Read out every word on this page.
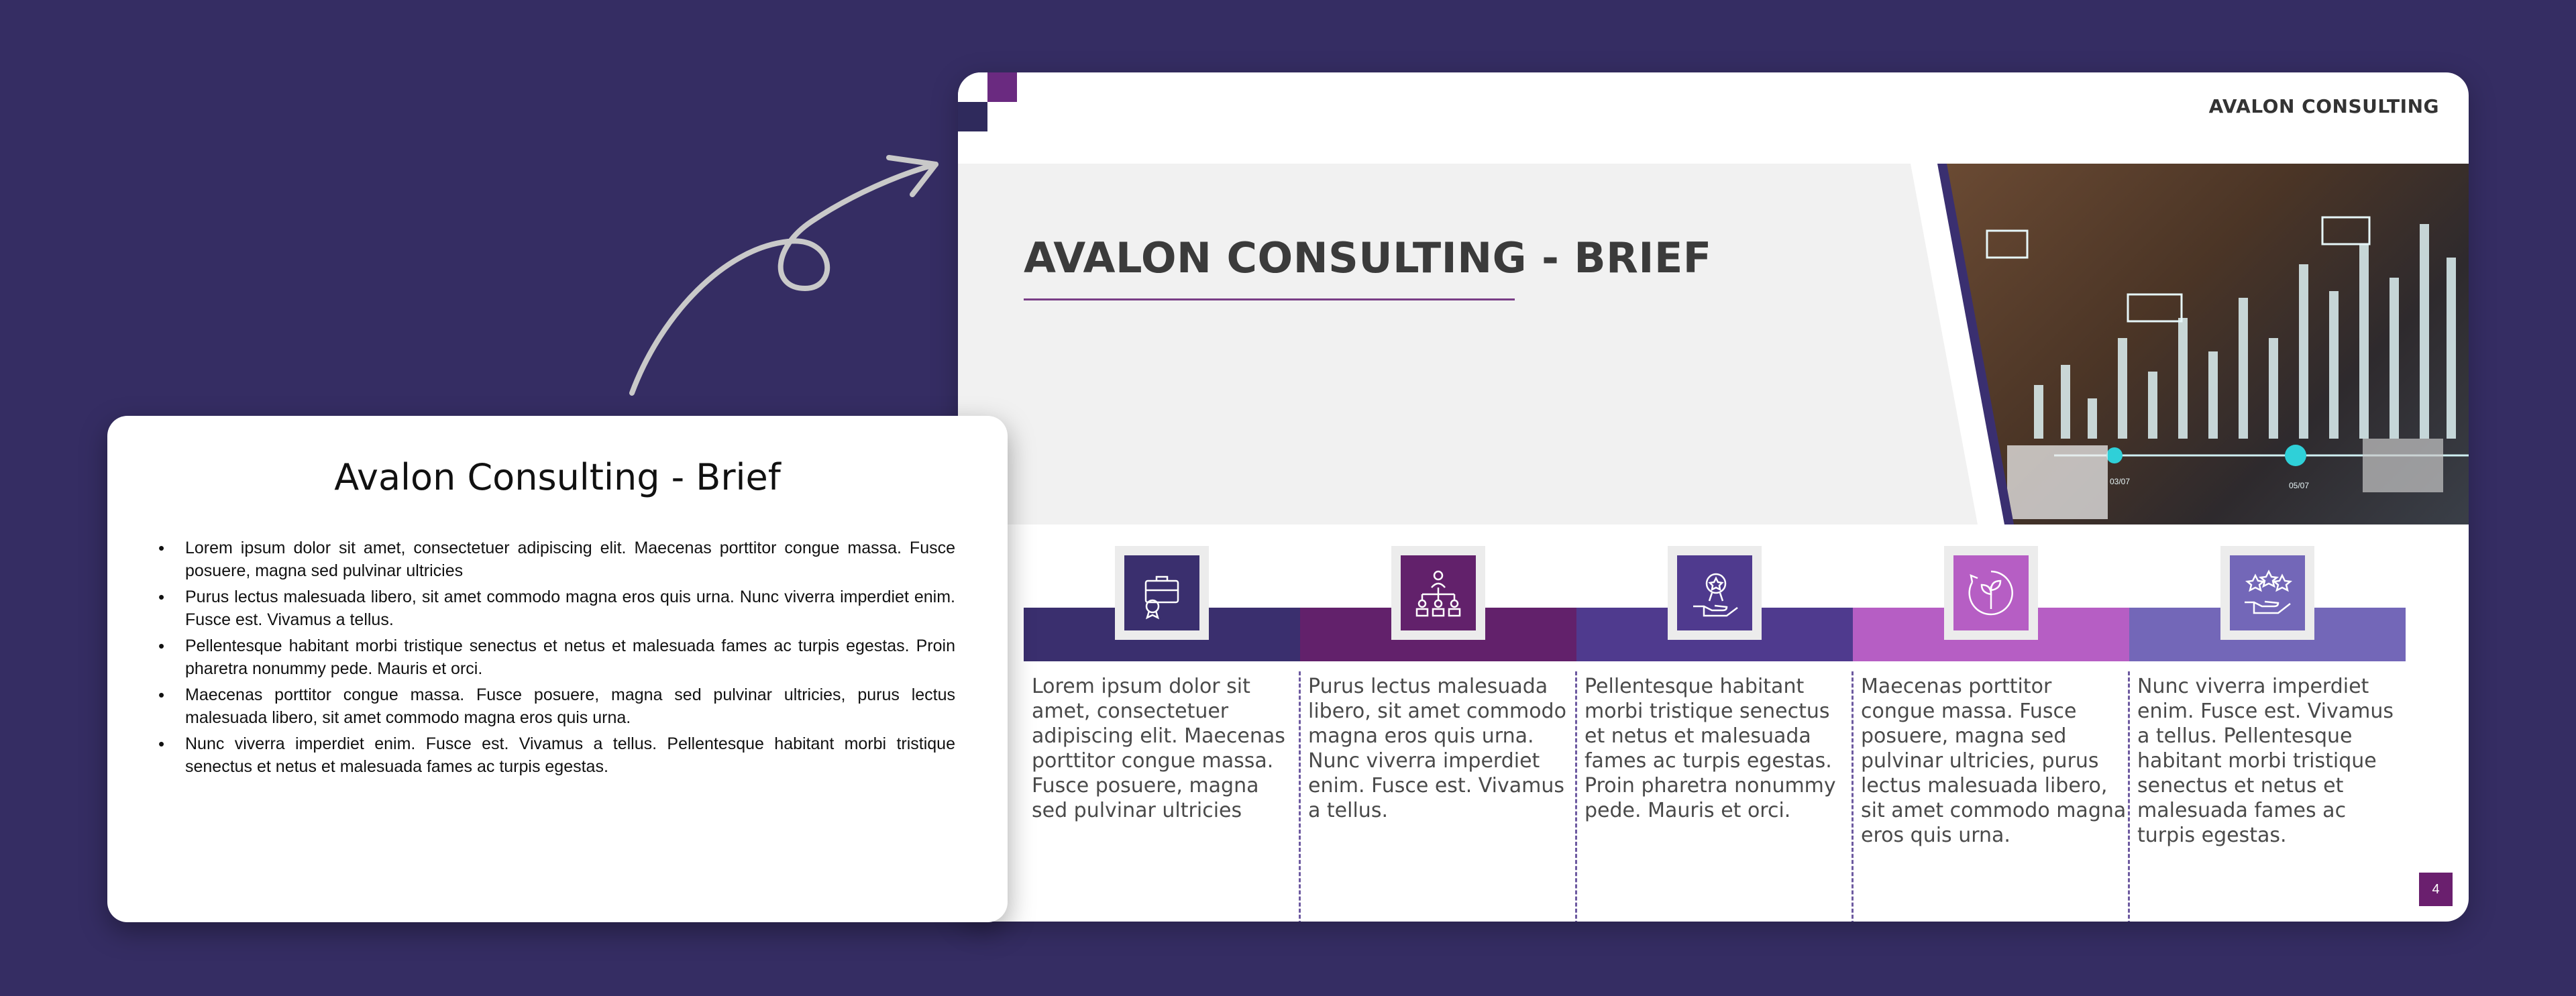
AVALON CONSULTING
AVALON CONSULTING - BRIEF
03/07	05/07
Lorem ipsum dolor sit amet, consectetuer adipiscing elit. Maecenas porttitor congue massa. Fusce posuere, magna sed pulvinar ultricies
Purus lectus malesuada libero, sit amet commodo magna eros quis urna. Nunc viverra imperdiet enim. Fusce est. Vivamus a tellus.
Pellentesque habitant morbi tristique senectus et netus et malesuada fames ac turpis egestas. Proin pharetra nonummy pede. Mauris et orci.
Maecenas porttitor congue massa. Fusce posuere, magna sed pulvinar ultricies, purus lectus malesuada libero, sit amet commodo magna eros quis urna.
Nunc viverra imperdiet enim. Fusce est. Vivamus a tellus. Pellentesque habitant morbi tristique senectus et netus et malesuada fames ac turpis egestas.
4
Avalon Consulting - Brief
• Lorem ipsum dolor sit amet, consectetuer adipiscing elit. Maecenas porttitor congue massa. Fusce posuere, magna sed pulvinar ultricies
• Purus lectus malesuada libero, sit amet commodo magna eros quis urna. Nunc viverra imperdiet enim. Fusce est. Vivamus a tellus.
• Pellentesque habitant morbi tristique senectus et netus et malesuada fames ac turpis egestas. Proin pharetra nonummy pede. Mauris et orci.
• Maecenas porttitor congue massa. Fusce posuere, magna sed pulvinar ultricies, purus lectus malesuada libero, sit amet commodo magna eros quis urna.
• Nunc viverra imperdiet enim. Fusce est. Vivamus a tellus. Pellentesque habitant morbi tristique senectus et netus et malesuada fames ac turpis egestas.
